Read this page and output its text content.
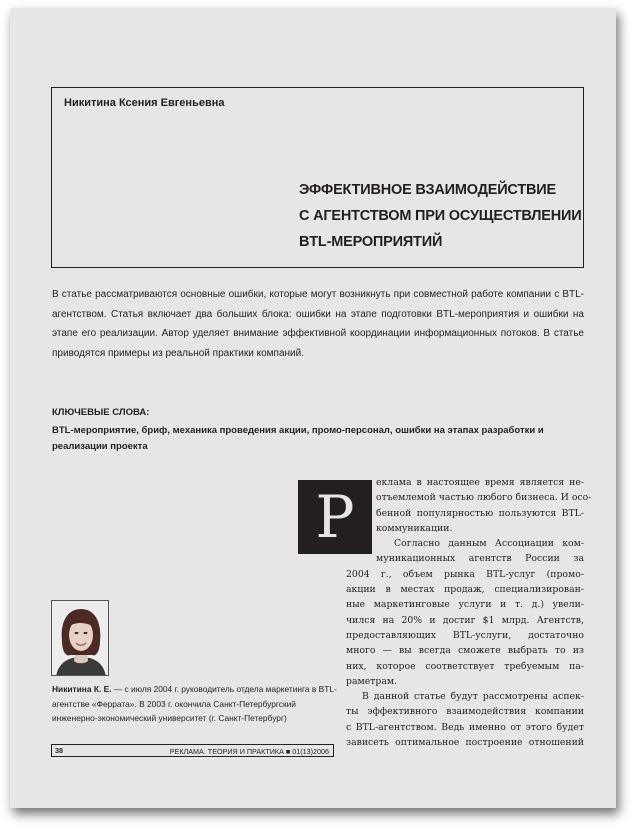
Никитина Ксения Евгеньевна
ЭФФЕКТИВНОЕ ВЗАИМОДЕЙСТВИЕ
С АГЕНТСТВОМ ПРИ ОСУЩЕСТВЛЕНИИ
BTL-МЕРОПРИЯТИЙ
В статье рассматриваются основные ошибки, которые могут возникнуть при совместной работе компании с BTL-агентством. Статья включает два больших блока: ошибки на этапе подготовки BTL-мероприятия и ошибки на этапе его реализации. Автор уделяет внимание эффективной координации информационных потоков. В статье приводятся примеры из реальной практики компаний.
КЛЮЧЕВЫЕ СЛОВА:
BTL-мероприятие, бриф, механика проведения акции, промо-персонал, ошибки на этапах разработки и реализации проекта
Р
еклама в настоящее время является не-
отъемлемой частью любого бизнеса. И осо-
бенной популярностью пользуются BTL-
коммуникации.
Согласно данным Ассоциации ком-
муникационных агентств России за
2004 г., объем рынка BTL-услуг (промо-
акции в местах продаж, специализирован-
ные маркетинговые услуги и т. д.) увели-
чился на 20% и достиг $1 млрд. Агентств,
предоставляющих BTL-услуги, достаточно
много — вы всегда сможете выбрать то из
них, которое соответствует требуемым па-
раметрам.
В данной статье будут рассмотрены аспек-
ты эффективного взаимодействия компании
с BTL-агентством. Ведь именно от этого будет
зависеть оптимальное построение отношений
Никитина К. Е. — с июля 2004 г. руководитель отдела маркетинга в BTL-агентстве «Феррата». В 2003 г. окончила Санкт-Петербургский инженерно-экономический университет (г. Санкт-Петербург)
38	РЕКЛАМА. ТЕОРИЯ И ПРАКТИКА ■ 01(13)2006
